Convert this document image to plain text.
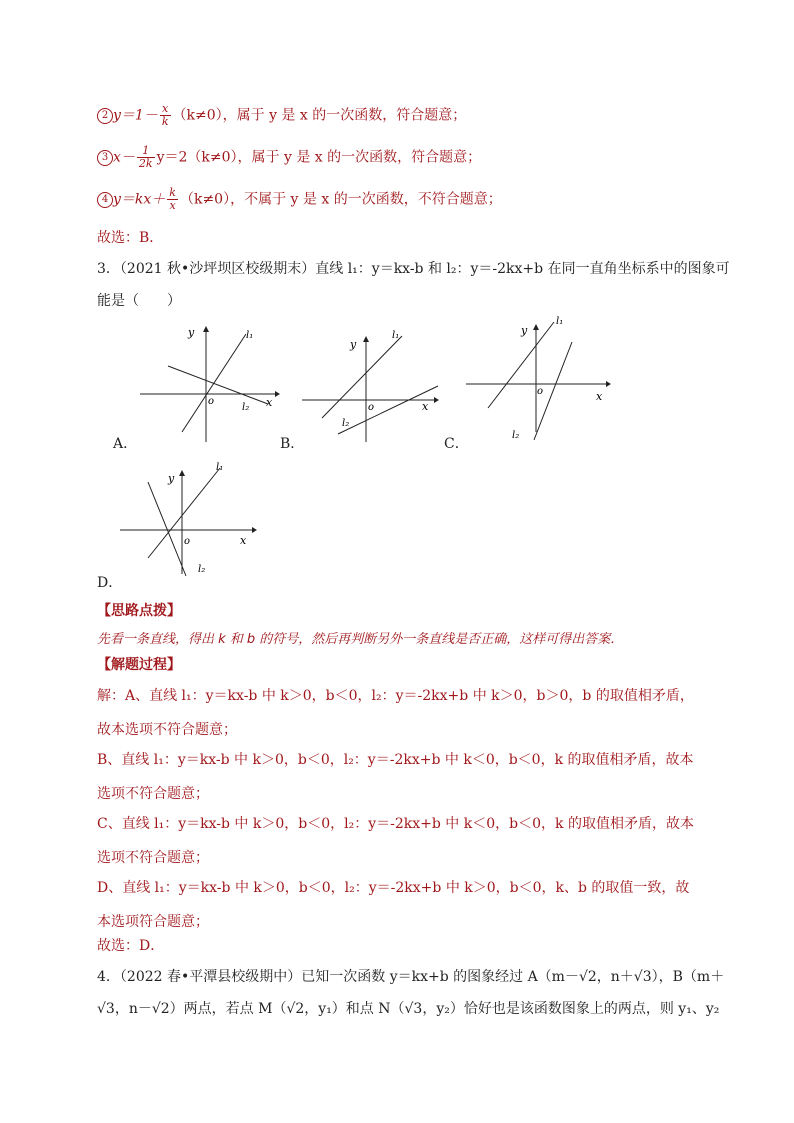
2 $y=1- \frac{x}{k} (k\ne 0)$，属于 y 是 x 的一次函数，符合题意；
3 $x- \frac{1}{2k} y=2(k\ne 0)$，属于 y 是 x 的一次函数，符合题意；
4 $y=kx+ \frac{k}{x} (k\ne 0)$，不属于 y 是 x 的一次函数，不符合题意；
故选：B．
3．（2021 秋•沙坪坝区校级期末）直线 l₁：y＝kx-b 和 l₂：y＝-2kx+b 在同一直角坐标系中的图象可
能是（　　）
y
o	x
l₁
l₂
A．
y
o	x
l₁
l₂
B．
y
o	x
l₁
l₂
C．
y
o	x
l₁
l₂
D．
【思路点拨】
先看一条直线，得出 k 和 b 的符号，然后再判断另外一条直线是否正确，这样可得出答案．
【解题过程】
解：A、直线 l₁：y＝kx-b 中 k＞0，b＜0，l₂：y＝-2kx+b 中 k＞0，b＞0，b 的取值相矛盾，故本选项不符合题意；
B、直线 l₁：y＝kx-b 中 k＞0，b＜0，l₂：y＝-2kx+b 中 k＜0，b＜0，k 的取值相矛盾，故本选项不符合题意；
C、直线 l₁：y＝kx-b 中 k＞0，b＜0，l₂：y＝-2kx+b 中 k＜0，b＜0，k 的取值相矛盾，故本选项不符合题意；
D、直线 l₁：y＝kx-b 中 k＞0，b＜0，l₂：y＝-2kx+b 中 k＞0，b＜0，k、b 的取值一致，故本选项符合题意；
故选：D．
4．（2022 春•平潭县校级期中）已知一次函数 y＝kx+b 的图象经过 A（m－√2，n＋√3），B（m＋
√3，n－√2）两点，若点 M（√2，y₁）和点 N（√3，y₂）恰好也是该函数图象上的两点，则 y₁、y₂
